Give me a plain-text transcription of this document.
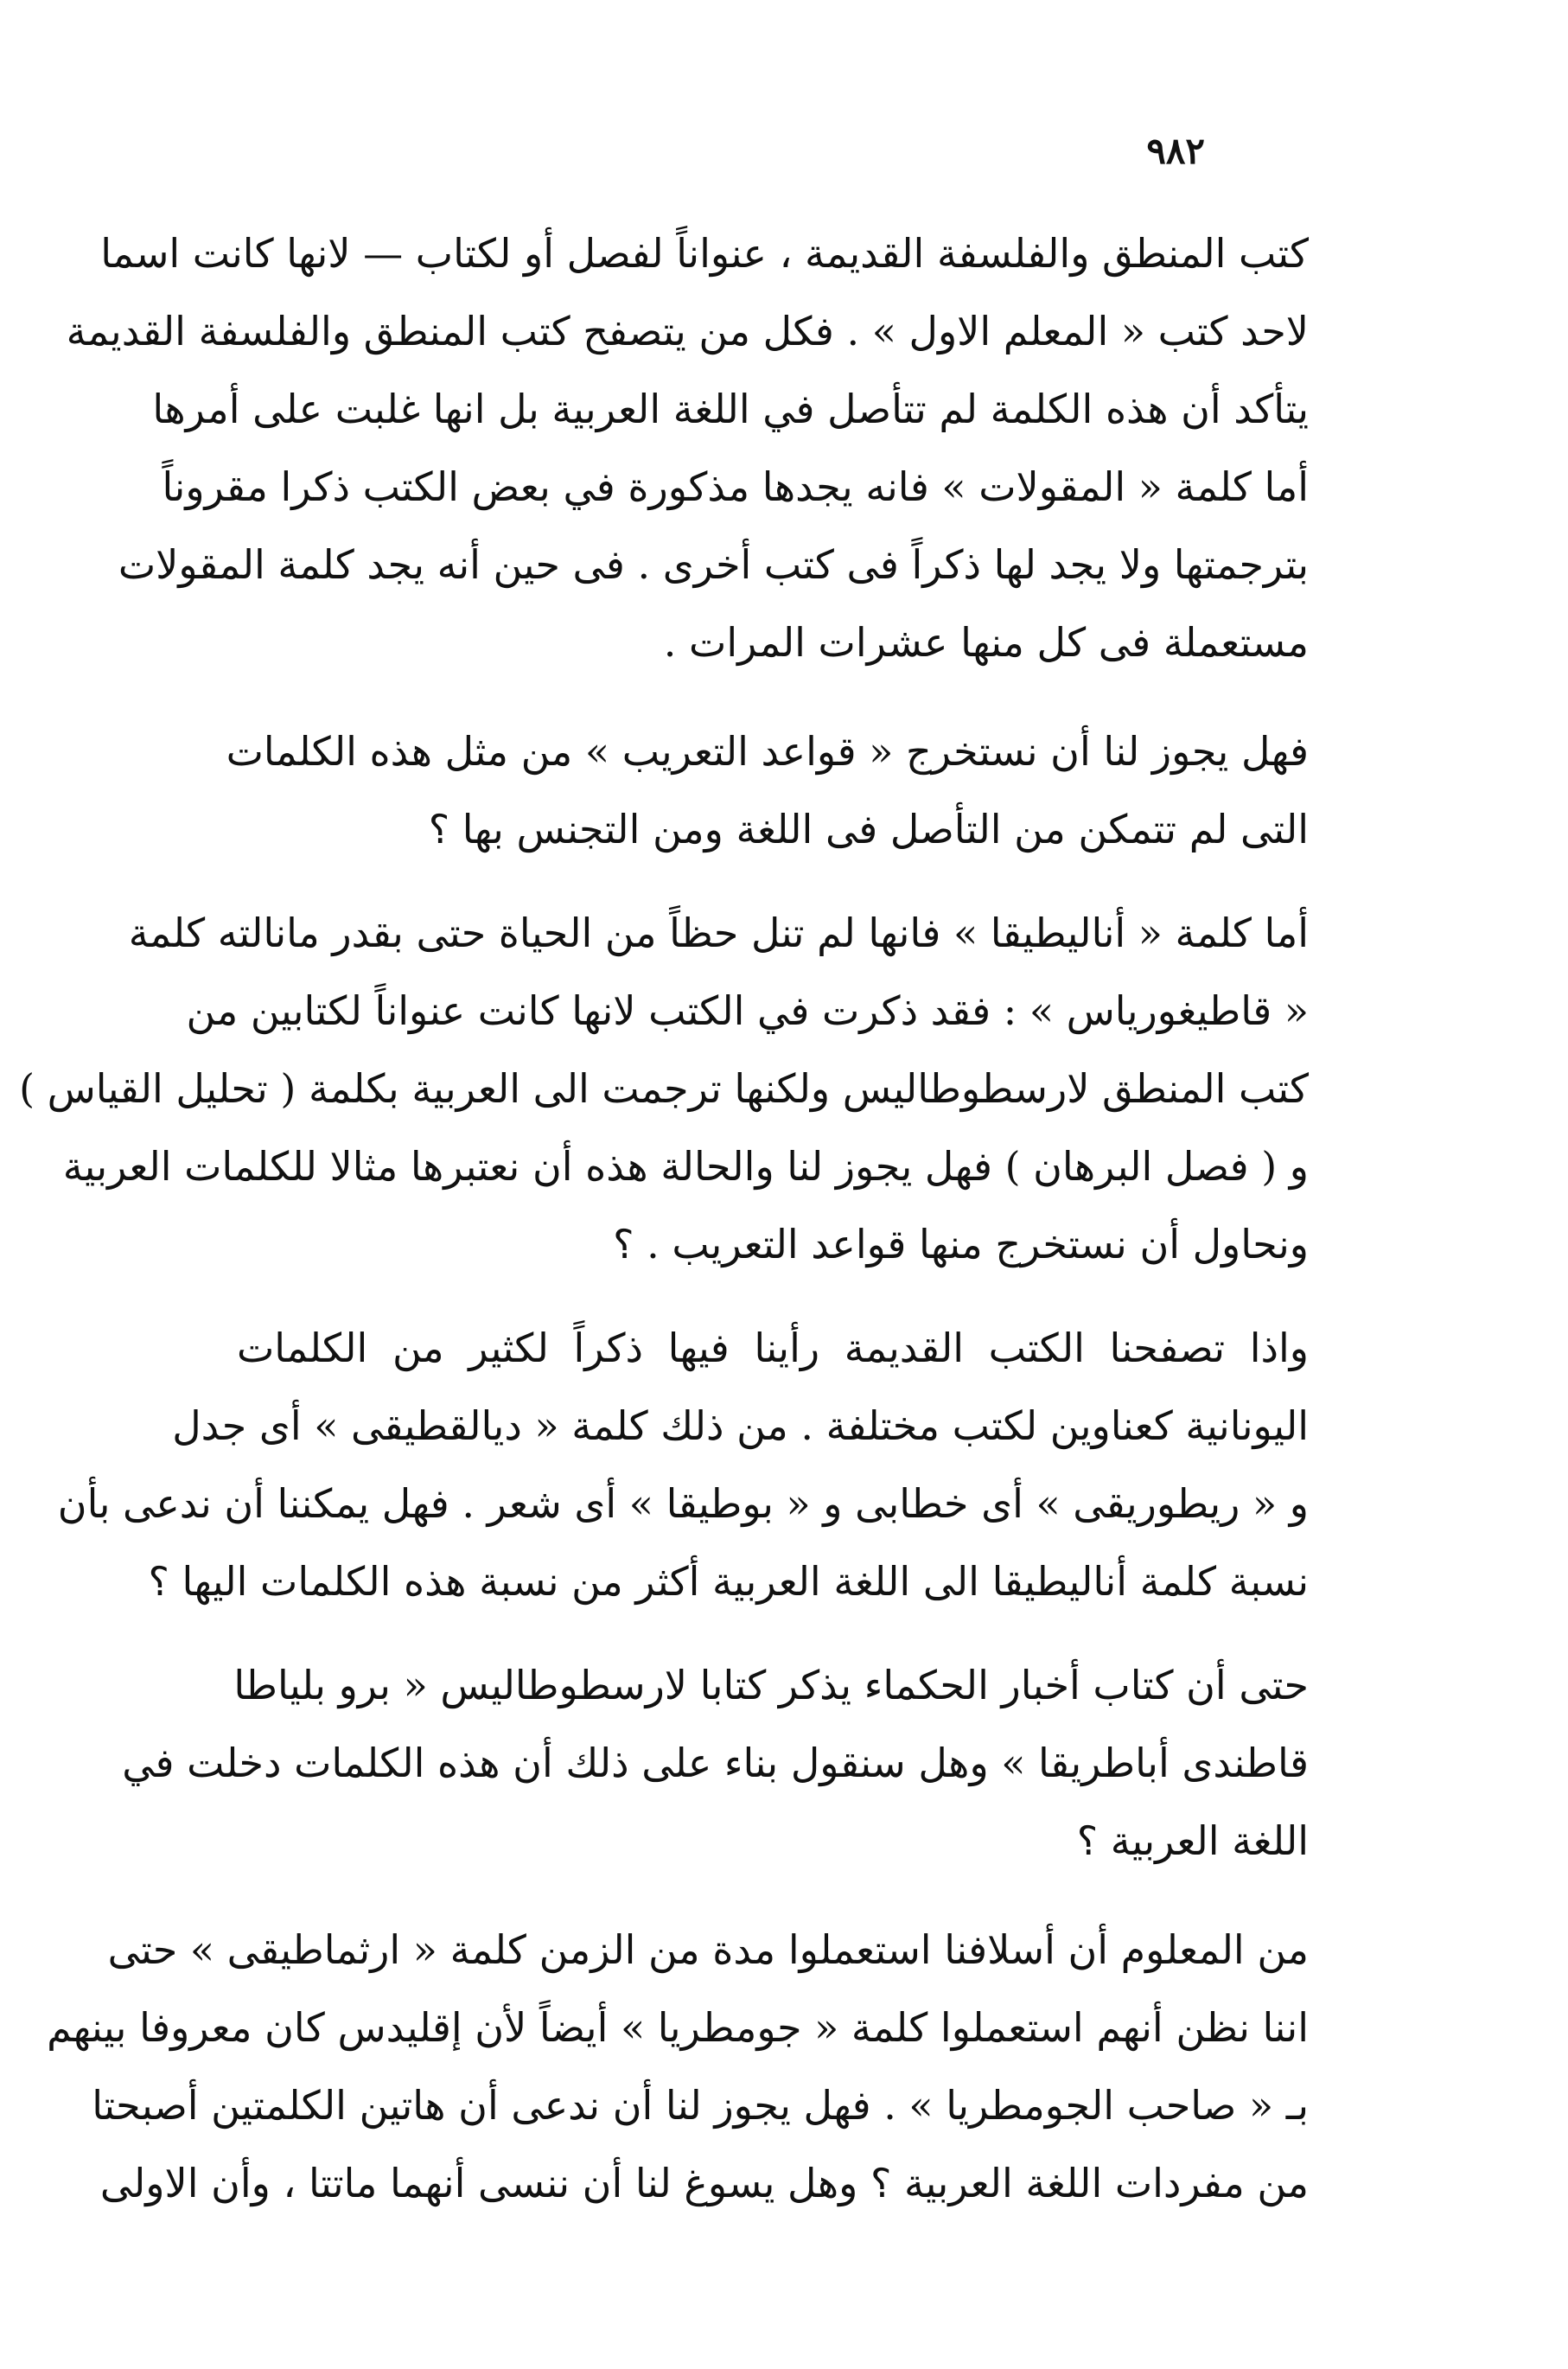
٩٨٢
كتب المنطق والفلسفة القديمة ، عنواناً لفصل أو لكتاب — لانها كانت اسما
لاحد كتب « المعلم الاول » . فكل من يتصفح كتب المنطق والفلسفة القديمة
يتأكد أن هذه الكلمة لم تتأصل في اللغة العربية بل انها غلبت على أمرها
أما كلمة « المقولات » فانه يجدها مذكورة في بعض الكتب ذكرا مقروناً
بترجمتها ولا يجد لها ذكراً فى كتب أخرى . فى حين أنه يجد كلمة المقولات
مستعملة فى كل منها عشرات المرات .
فهل يجوز لنا أن نستخرج « قواعد التعريب » من مثل هذه الكلمات
التى لم تتمكن من التأصل فى اللغة ومن التجنس بها ؟
أما كلمة « أناليطيقا » فانها لم تنل حظاً من الحياة حتى بقدر مانالته كلمة
« قاطيغورياس » : فقد ذكرت في الكتب لانها كانت عنواناً لكتابين من
كتب المنطق لارسطوطاليس ولكنها ترجمت الى العربية بكلمة ( تحليل القياس )
و ( فصل البرهان ) فهل يجوز لنا والحالة هذه أن نعتبرها مثالا للكلمات العربية
ونحاول أن نستخرج منها قواعد التعريب . ؟
واذا تصفحنا الكتب القديمة رأينا فيها ذكراً لكثير من الكلمات
اليونانية كعناوين لكتب مختلفة . من ذلك كلمة « ديالقطيقى » أى جدل
و « ريطوريقى » أى خطابى و « بوطيقا » أى شعر . فهل يمكننا أن ندعى بأن
نسبة كلمة أناليطيقا الى اللغة العربية أكثر من نسبة هذه الكلمات اليها ؟
حتى أن كتاب أخبار الحكماء يذكر كتابا لارسطوطاليس « برو بلياطا
قاطندى أباطريقا » وهل سنقول بناء على ذلك أن هذه الكلمات دخلت في
اللغة العربية ؟
من المعلوم أن أسلافنا استعملوا مدة من الزمن كلمة « ارثماطيقى » حتى
اننا نظن أنهم استعملوا كلمة « جومطريا » أيضاً لأن إقليدس كان معروفا بينهم
بـ « صاحب الجومطريا » . فهل يجوز لنا أن ندعى أن هاتين الكلمتين أصبحتا
من مفردات اللغة العربية ؟ وهل يسوغ لنا أن ننسى أنهما ماتتا ، وأن الاولى
